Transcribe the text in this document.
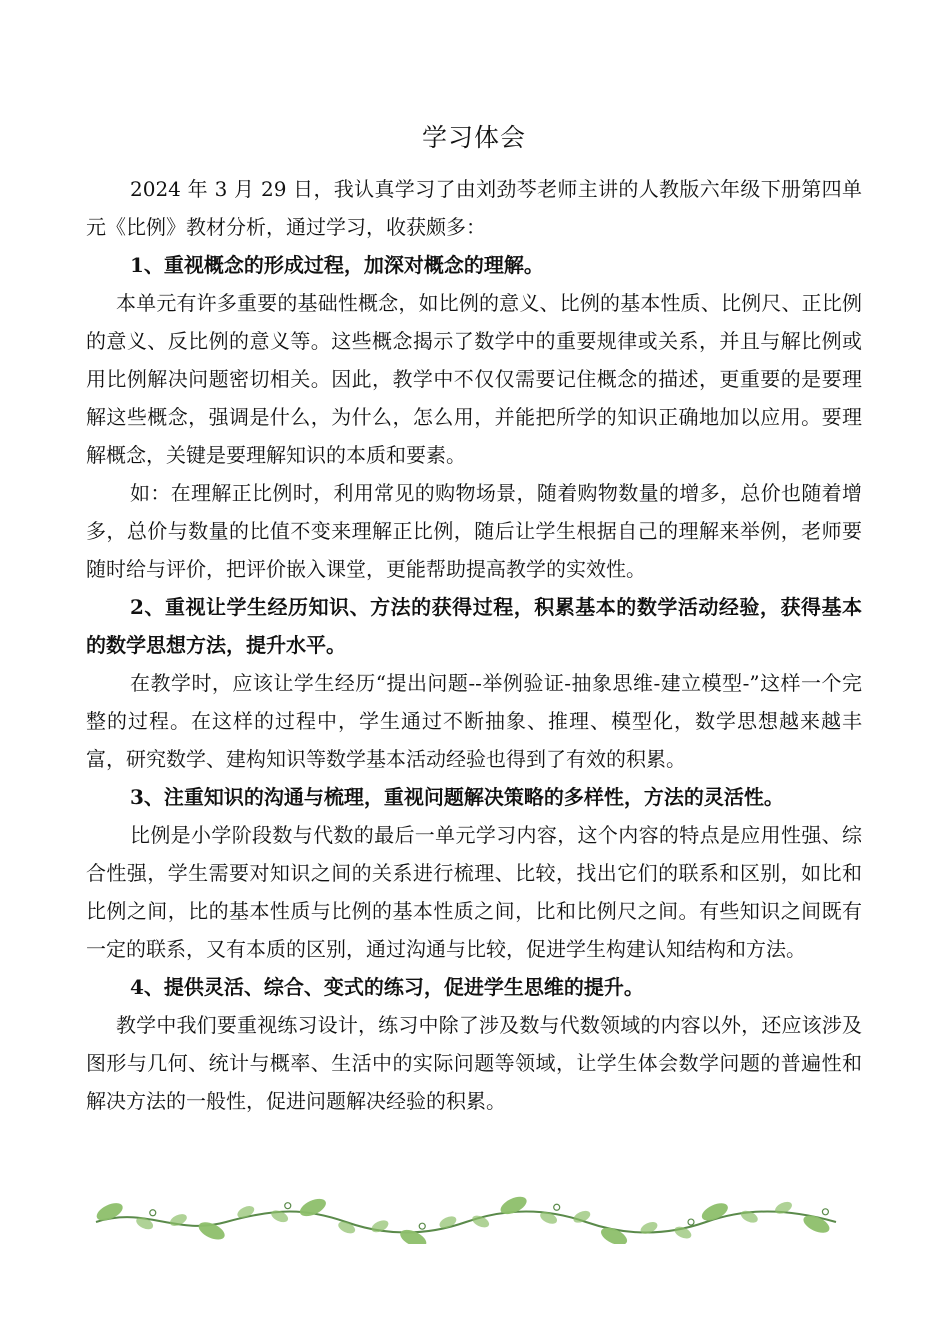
学习体会

2024 年 3 月 29 日，我认真学习了由刘劲芩老师主讲的人教版六年级下册第四单元《比例》教材分析，通过学习，收获颇多：

1、重视概念的形成过程，加深对概念的理解。

本单元有许多重要的基础性概念，如比例的意义、比例的基本性质、比例尺、正比例的意义、反比例的意义等。这些概念揭示了数学中的重要规律或关系，并且与解比例或用比例解决问题密切相关。因此，教学中不仅仅需要记住概念的描述，更重要的是要理解这些概念，强调是什么，为什么，怎么用，并能把所学的知识正确地加以应用。要理解概念，关键是要理解知识的本质和要素。

如：在理解正比例时，利用常见的购物场景，随着购物数量的增多，总价也随着增多，总价与数量的比值不变来理解正比例，随后让学生根据自己的理解来举例，老师要随时给与评价，把评价嵌入课堂，更能帮助提高教学的实效性。

2、重视让学生经历知识、方法的获得过程，积累基本的数学活动经验，获得基本的数学思想方法，提升水平。

在教学时，应该让学生经历“提出问题--举例验证-抽象思维-建立模型-”这样一个完整的过程。在这样的过程中，学生通过不断抽象、推理、模型化，数学思想越来越丰富，研究数学、建构知识等数学基本活动经验也得到了有效的积累。

3、注重知识的沟通与梳理，重视问题解决策略的多样性，方法的灵活性。

比例是小学阶段数与代数的最后一单元学习内容，这个内容的特点是应用性强、综合性强，学生需要对知识之间的关系进行梳理、比较，找出它们的联系和区别，如比和比例之间，比的基本性质与比例的基本性质之间，比和比例尺之间。有些知识之间既有一定的联系，又有本质的区别，通过沟通与比较，促进学生构建认知结构和方法。

4、提供灵活、综合、变式的练习，促进学生思维的提升。

教学中我们要重视练习设计，练习中除了涉及数与代数领域的内容以外，还应该涉及图形与几何、统计与概率、生活中的实际问题等领域，让学生体会数学问题的普遍性和解决方法的一般性，促进问题解决经验的积累。
